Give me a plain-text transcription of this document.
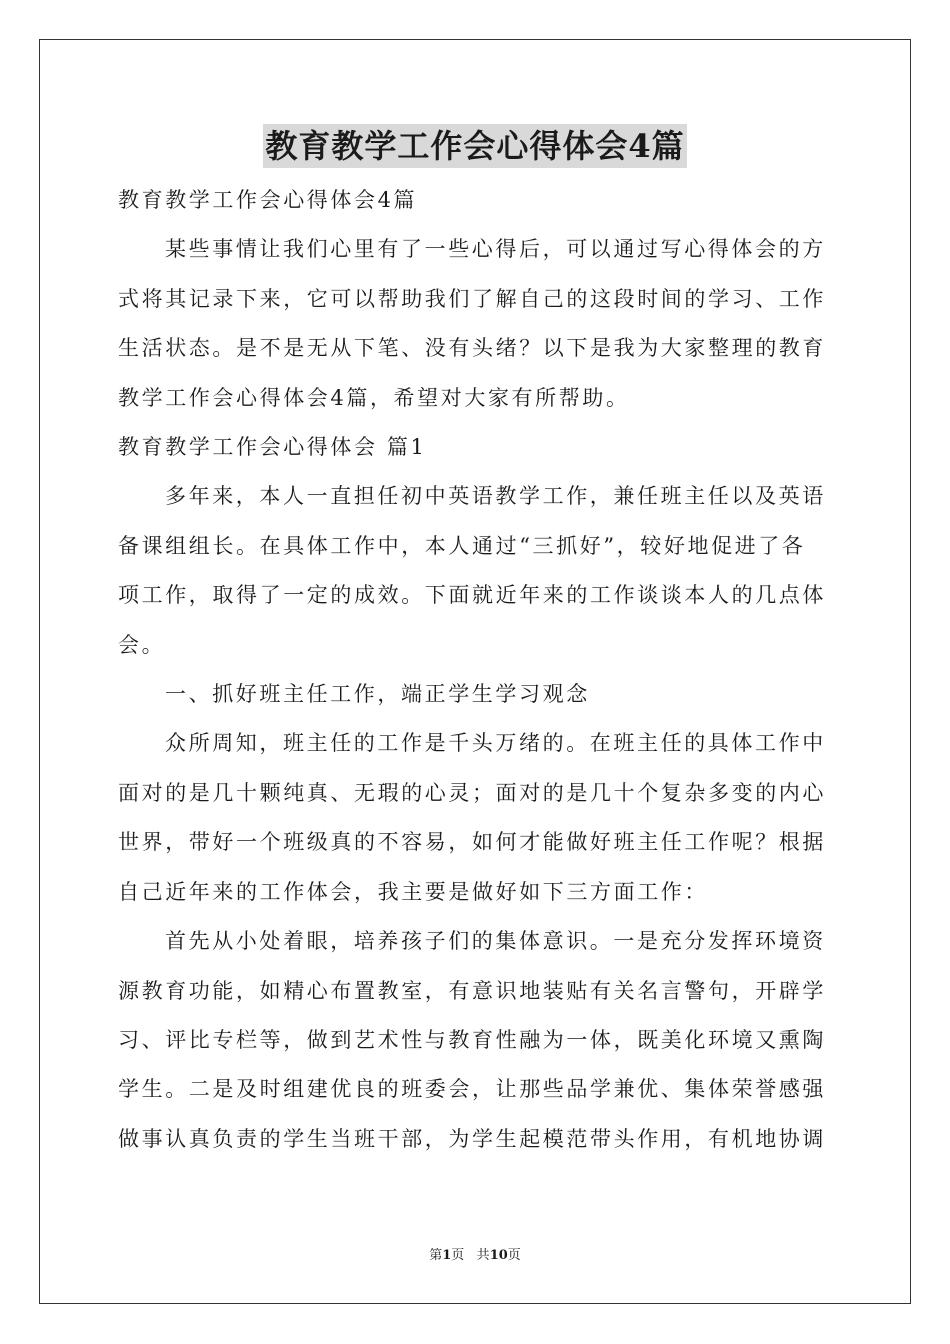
教育教学工作会心得体会4篇
教育教学工作会心得体会4篇
某些事情让我们心里有了一些心得后，可以通过写心得体会的方
式将其记录下来，它可以帮助我们了解自己的这段时间的学习、工作
生活状态。是不是无从下笔、没有头绪？以下是我为大家整理的教育
教学工作会心得体会4篇，希望对大家有所帮助。
教育教学工作会心得体会 篇1
多年来，本人一直担任初中英语教学工作，兼任班主任以及英语
备课组组长。在具体工作中，本人通过“三抓好”，较好地促进了各
项工作，取得了一定的成效。下面就近年来的工作谈谈本人的几点体
会。
一、抓好班主任工作，端正学生学习观念
众所周知，班主任的工作是千头万绪的。在班主任的具体工作中
面对的是几十颗纯真、无瑕的心灵；面对的是几十个复杂多变的内心
世界，带好一个班级真的不容易，如何才能做好班主任工作呢？根据
自己近年来的工作体会，我主要是做好如下三方面工作：
首先从小处着眼，培养孩子们的集体意识。一是充分发挥环境资
源教育功能，如精心布置教室，有意识地装贴有关名言警句，开辟学
习、评比专栏等，做到艺术性与教育性融为一体，既美化环境又熏陶
学生。二是及时组建优良的班委会，让那些品学兼优、集体荣誉感强
做事认真负责的学生当班干部，为学生起模范带头作用，有机地协调
第1页 共10页
